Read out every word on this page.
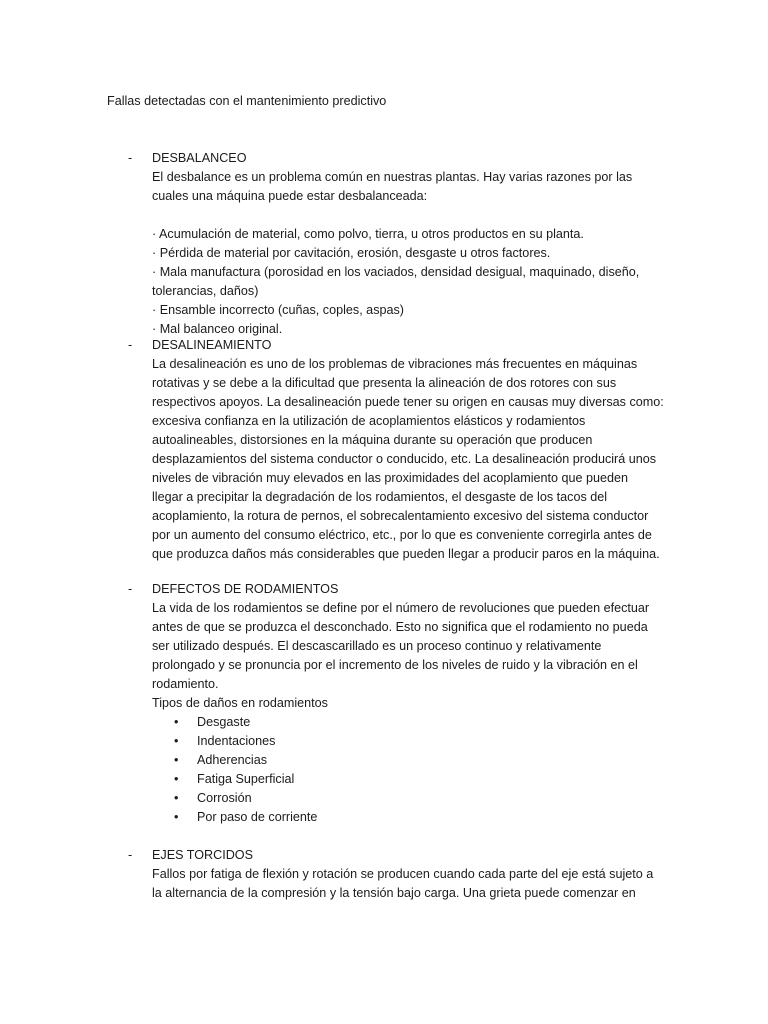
Fallas detectadas con el mantenimiento predictivo
- DESBALANCEO
El desbalance es un problema común en nuestras plantas. Hay varias razones por las
cuales una máquina puede estar desbalanceada:
· Acumulación de material, como polvo, tierra, u otros productos en su planta.
· Pérdida de material por cavitación, erosión, desgaste u otros factores.
· Mala manufactura (porosidad en los vaciados, densidad desigual, maquinado, diseño,
tolerancias, daños)
· Ensamble incorrecto (cuñas, coples, aspas)
· Mal balanceo original.
- DESALINEAMIENTO
La desalineación es uno de los problemas de vibraciones más frecuentes en máquinas
rotativas y se debe a la dificultad que presenta la alineación de dos rotores con sus
respectivos apoyos. La desalineación puede tener su origen en causas muy diversas como:
excesiva confianza en la utilización de acoplamientos elásticos y rodamientos
autoalineables, distorsiones en la máquina durante su operación que producen
desplazamientos del sistema conductor o conducido, etc. La desalineación producirá unos
niveles de vibración muy elevados en las proximidades del acoplamiento que pueden
llegar a precipitar la degradación de los rodamientos, el desgaste de los tacos del
acoplamiento, la rotura de pernos, el sobrecalentamiento excesivo del sistema conductor
por un aumento del consumo eléctrico, etc., por lo que es conveniente corregirla antes de
que produzca daños más considerables que pueden llegar a producir paros en la máquina.
- DEFECTOS DE RODAMIENTOS
La vida de los rodamientos se define por el número de revoluciones que pueden efectuar
antes de que se produzca el desconchado. Esto no significa que el rodamiento no pueda
ser utilizado después. El descascarillado es un proceso continuo y relativamente
prolongado y se pronuncia por el incremento de los niveles de ruido y la vibración en el
rodamiento.
Tipos de daños en rodamientos
• Desgaste
• Indentaciones
• Adherencias
• Fatiga Superficial
• Corrosión
• Por paso de corriente
- EJES TORCIDOS
Fallos por fatiga de flexión y rotación se producen cuando cada parte del eje está sujeto a
la alternancia de la compresión y la tensión bajo carga. Una grieta puede comenzar en
